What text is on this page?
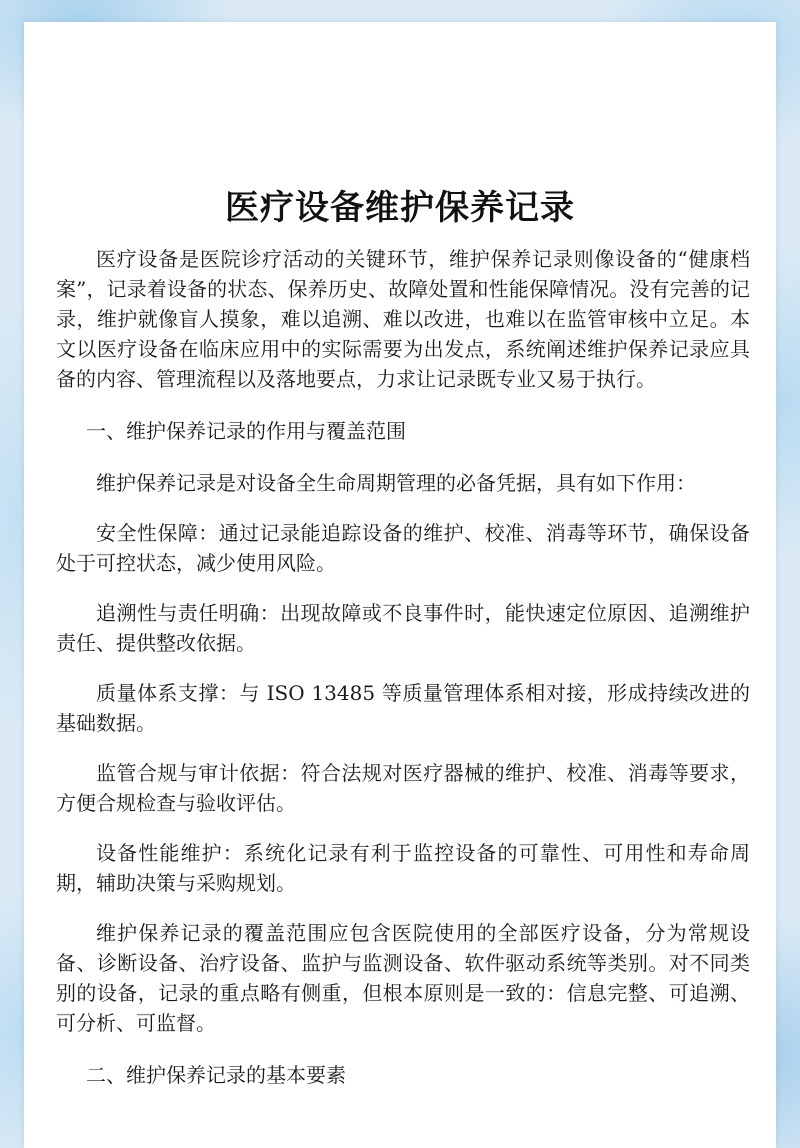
医疗设备维护保养记录

医疗设备是医院诊疗活动的关键环节，维护保养记录则像设备的“健康档案”，记录着设备的状态、保养历史、故障处置和性能保障情况。没有完善的记录，维护就像盲人摸象，难以追溯、难以改进，也难以在监管审核中立足。本文以医疗设备在临床应用中的实际需要为出发点，系统阐述维护保养记录应具备的内容、管理流程以及落地要点，力求让记录既专业又易于执行。

一、维护保养记录的作用与覆盖范围

维护保养记录是对设备全生命周期管理的必备凭据，具有如下作用：

安全性保障：通过记录能追踪设备的维护、校准、消毒等环节，确保设备处于可控状态，减少使用风险。

追溯性与责任明确：出现故障或不良事件时，能快速定位原因、追溯维护责任、提供整改依据。

质量体系支撑：与 ISO 13485 等质量管理体系相对接，形成持续改进的基础数据。

监管合规与审计依据：符合法规对医疗器械的维护、校准、消毒等要求，方便合规检查与验收评估。

设备性能维护：系统化记录有利于监控设备的可靠性、可用性和寿命周期，辅助决策与采购规划。

维护保养记录的覆盖范围应包含医院使用的全部医疗设备，分为常规设备、诊断设备、治疗设备、监护与监测设备、软件驱动系统等类别。对不同类别的设备，记录的重点略有侧重，但根本原则是一致的：信息完整、可追溯、可分析、可监督。

二、维护保养记录的基本要素
